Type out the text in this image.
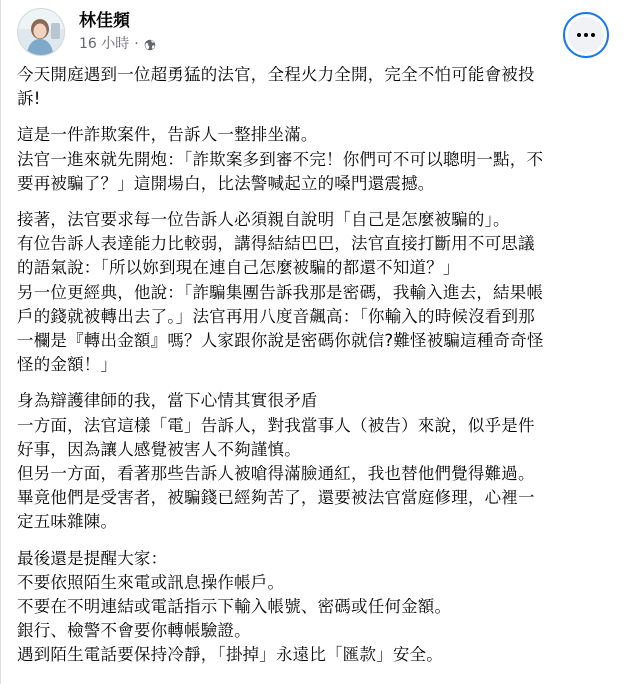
林佳頻
16 小時 ·
今天開庭遇到一位超勇猛的法官，全程火力全開，完全不怕可能會被投
訴!
這是一件詐欺案件，告訴人一整排坐滿。
法官一進來就先開炮：「詐欺案多到審不完！你們可不可以聰明一點，不
要再被騙了？」這開場白，比法警喊起立的嗓門還震撼。
接著，法官要求每一位告訴人必須親自說明「自己是怎麼被騙的」。
有位告訴人表達能力比較弱，講得結結巴巴，法官直接打斷用不可思議
的語氣說：「所以妳到現在連自己怎麼被騙的都還不知道？」
另一位更經典，他說：「詐騙集團告訴我那是密碼，我輸入進去，結果帳
戶的錢就被轉出去了。」法官再用八度音飆高：「你輸入的時候沒看到那
一欄是『轉出金額』嗎？人家跟你說是密碼你就信?難怪被騙這種奇奇怪
怪的金額！」
身為辯護律師的我，當下心情其實很矛盾
一方面，法官這樣「電」告訴人，對我當事人（被告）來說，似乎是件
好事，因為讓人感覺被害人不夠謹慎。
但另一方面，看著那些告訴人被嗆得滿臉通紅，我也替他們覺得難過。
畢竟他們是受害者，被騙錢已經夠苦了，還要被法官當庭修理，心裡一
定五味雜陳。
最後還是提醒大家：
不要依照陌生來電或訊息操作帳戶。
不要在不明連結或電話指示下輸入帳號、密碼或任何金額。
銀行、檢警不會要你轉帳驗證。
遇到陌生電話要保持冷靜，「掛掉」永遠比「匯款」安全。
